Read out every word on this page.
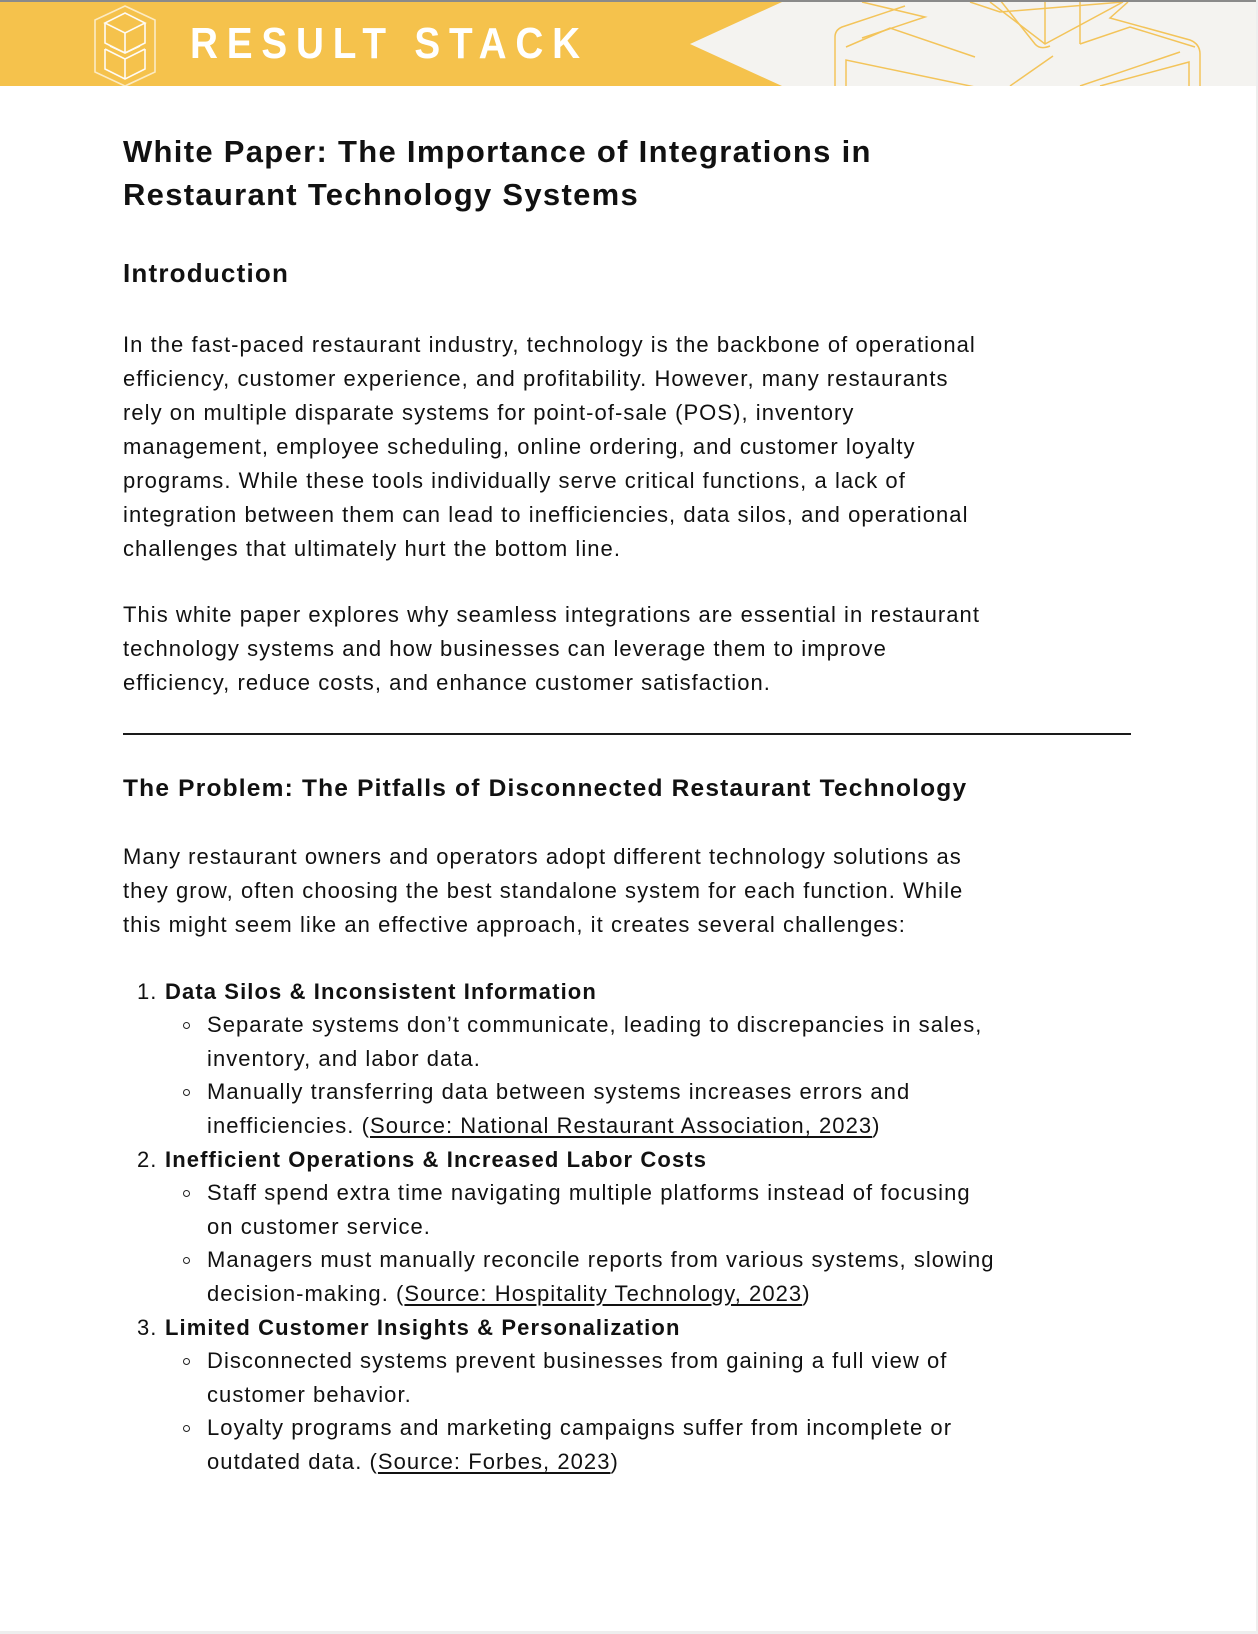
RESULT STACK
White Paper: The Importance of Integrations in
Restaurant Technology Systems
Introduction
In the fast-paced restaurant industry, technology is the backbone of operational
efficiency, customer experience, and profitability. However, many restaurants
rely on multiple disparate systems for point-of-sale (POS), inventory
management, employee scheduling, online ordering, and customer loyalty
programs. While these tools individually serve critical functions, a lack of
integration between them can lead to inefficiencies, data silos, and operational
challenges that ultimately hurt the bottom line.
This white paper explores why seamless integrations are essential in restaurant
technology systems and how businesses can leverage them to improve
efficiency, reduce costs, and enhance customer satisfaction.
The Problem: The Pitfalls of Disconnected Restaurant Technology
Many restaurant owners and operators adopt different technology solutions as
they grow, often choosing the best standalone system for each function. While
this might seem like an effective approach, it creates several challenges:
1. Data Silos & Inconsistent Information
Separate systems don’t communicate, leading to discrepancies in sales,
inventory, and labor data.
Manually transferring data between systems increases errors and
inefficiencies. (Source: National Restaurant Association, 2023)
2. Inefficient Operations & Increased Labor Costs
Staff spend extra time navigating multiple platforms instead of focusing
on customer service.
Managers must manually reconcile reports from various systems, slowing
decision-making. (Source: Hospitality Technology, 2023)
3. Limited Customer Insights & Personalization
Disconnected systems prevent businesses from gaining a full view of
customer behavior.
Loyalty programs and marketing campaigns suffer from incomplete or
outdated data. (Source: Forbes, 2023)
